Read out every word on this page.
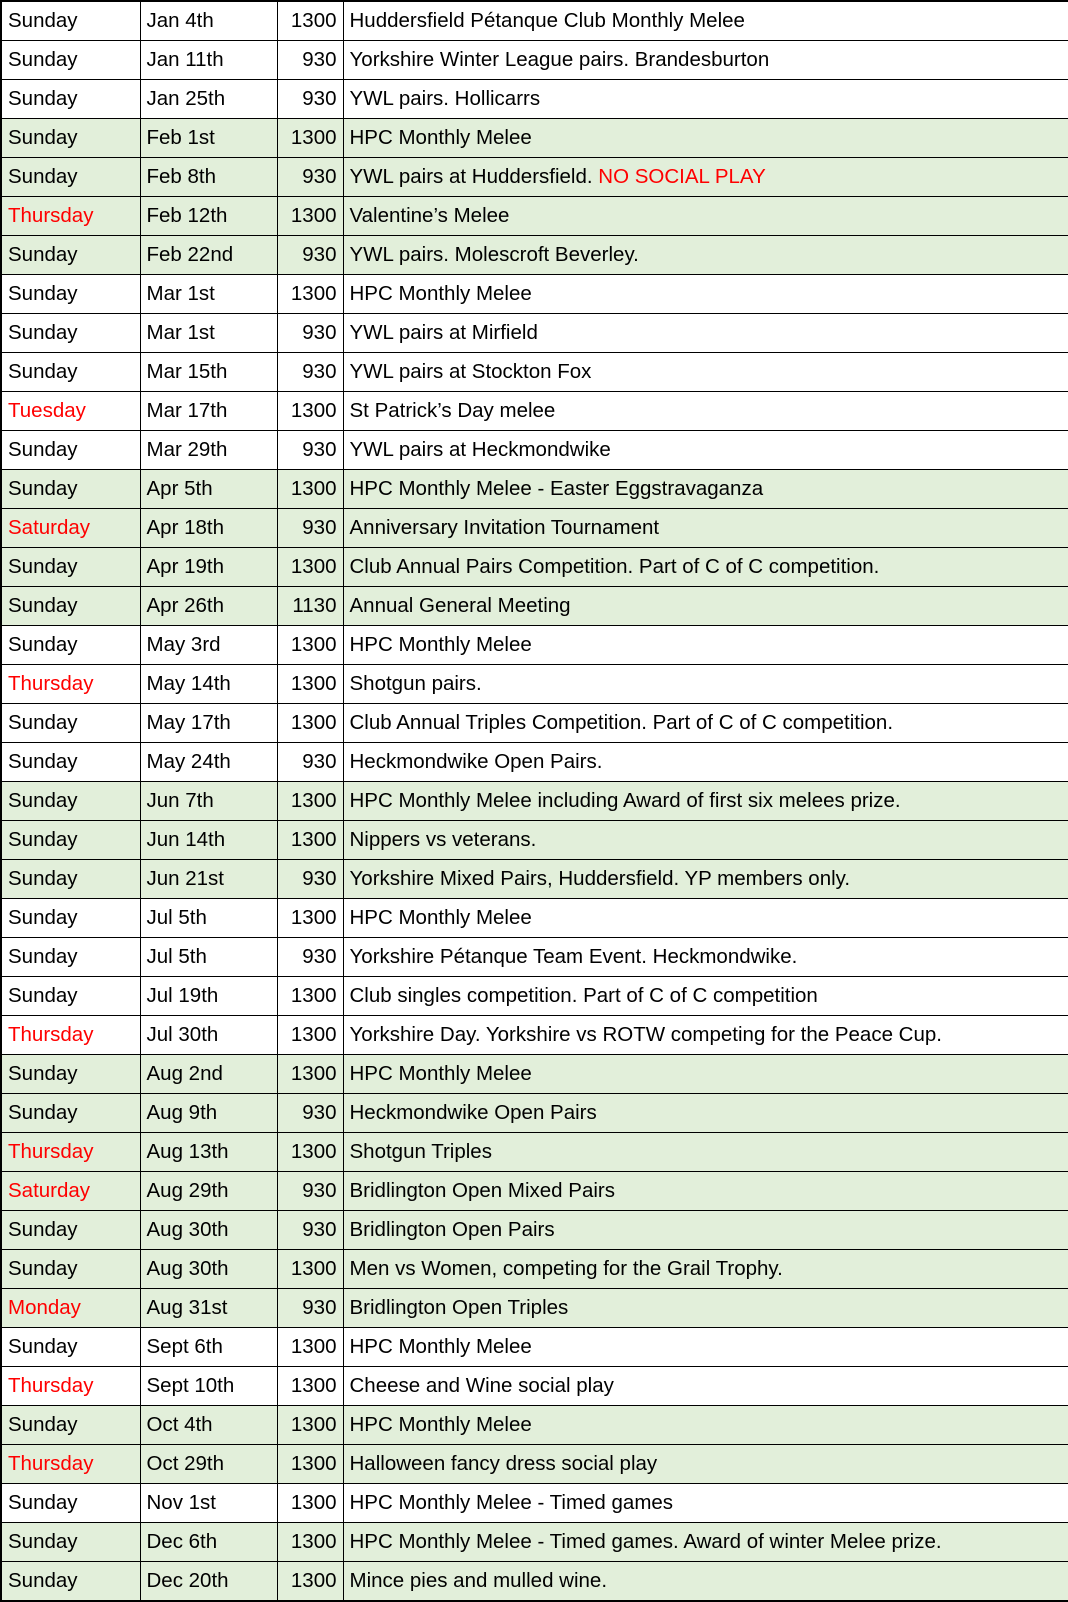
Sunday	Jan 4th	1300	Huddersfield Pétanque Club Monthly Melee
Sunday	Jan 11th	930	Yorkshire Winter League pairs. Brandesburton
Sunday	Jan 25th	930	YWL pairs. Hollicarrs
Sunday	Feb 1st	1300	HPC Monthly Melee
Sunday	Feb 8th	930	YWL pairs at Huddersfield. NO SOCIAL PLAY
Thursday	Feb 12th	1300	Valentine’s Melee
Sunday	Feb 22nd	930	YWL pairs. Molescroft Beverley.
Sunday	Mar 1st	1300	HPC Monthly Melee
Sunday	Mar 1st	930	YWL pairs at Mirfield
Sunday	Mar 15th	930	YWL pairs at Stockton Fox
Tuesday	Mar 17th	1300	St Patrick’s Day melee
Sunday	Mar 29th	930	YWL pairs at Heckmondwike
Sunday	Apr 5th	1300	HPC Monthly Melee - Easter Eggstravaganza
Saturday	Apr 18th	930	Anniversary Invitation Tournament
Sunday	Apr 19th	1300	Club Annual Pairs Competition. Part of C of C competition.
Sunday	Apr 26th	1130	Annual General Meeting
Sunday	May 3rd	1300	HPC Monthly Melee
Thursday	May 14th	1300	Shotgun pairs.
Sunday	May 17th	1300	Club Annual Triples Competition. Part of C of C competition.
Sunday	May 24th	930	Heckmondwike Open Pairs.
Sunday	Jun 7th	1300	HPC Monthly Melee including Award of first six melees prize.
Sunday	Jun 14th	1300	Nippers vs veterans.
Sunday	Jun 21st	930	Yorkshire Mixed Pairs, Huddersfield. YP members only.
Sunday	Jul 5th	1300	HPC Monthly Melee
Sunday	Jul 5th	930	Yorkshire Pétanque Team Event. Heckmondwike.
Sunday	Jul 19th	1300	Club singles competition. Part of C of C competition
Thursday	Jul 30th	1300	Yorkshire Day. Yorkshire vs ROTW competing for the Peace Cup.
Sunday	Aug 2nd	1300	HPC Monthly Melee
Sunday	Aug 9th	930	Heckmondwike Open Pairs
Thursday	Aug 13th	1300	Shotgun Triples
Saturday	Aug 29th	930	Bridlington Open Mixed Pairs
Sunday	Aug 30th	930	Bridlington Open Pairs
Sunday	Aug 30th	1300	Men vs Women, competing for the Grail Trophy.
Monday	Aug 31st	930	Bridlington Open Triples
Sunday	Sept 6th	1300	HPC Monthly Melee
Thursday	Sept 10th	1300	Cheese and Wine social play
Sunday	Oct 4th	1300	HPC Monthly Melee
Thursday	Oct 29th	1300	Halloween fancy dress social play
Sunday	Nov 1st	1300	HPC Monthly Melee - Timed games
Sunday	Dec 6th	1300	HPC Monthly Melee - Timed games. Award of winter Melee prize.
Sunday	Dec 20th	1300	Mince pies and mulled wine.
